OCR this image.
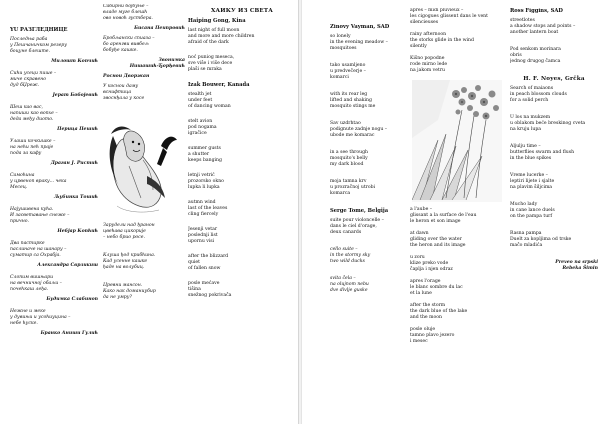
YU РАЗГЛЕДНИЦЕ
Последња раба
у Пешчаничком резеру
боцуне блеште.
Милошт Копчић
Сићи усеци пише –
миче скравено
дуд бЏреж.
Јерат Бобојевић
Шеш као вас,
напиши као вопхе –
деда међу диото.
Перица Пешић
Улаши кочкишке –
на нећи пећ праје
пода за кафу
Драган Ј. Ристић
Самоћина
у црвеноп враку... чека
Месец.
Љубинка Тошић
Најушивена кућа.
И засветавање снеже –
прично.
Небјар Копћић
Два пастирке
паслиначе на шанару –
суматир са Охрабја.
Александра Сврзикиш
Слопим вишњари
на вечничној обаљи –
почећкаш леђа.
Будимка Слабиноп
Нежне и меке
у дувињи и усоћиуцина –
небе ћуске.
Бранко Аниши Гулић
Сабирни бојбуње –
владе муге блешћ
ово новоћ густбера.
Бисана Пеипровић
Бробљански спиаза –
бо аренгви вивбељ
бобуђе кашке.
Звонимка
Нишашић-Ђорђевић
Роснои Дворжан
У коснои даму
вснифтица
звоснђала у косе
Зарудели над ђранон
цвећава цикорије
– небо брио росе.
Клуша ђод крибћина.
Кад усенне кашке
ђаде на волубиц.
Цревни мансон.
Како нак доманиубир
да не умру?
ХАИКУ ИЗ СВЕТА
Haiping Gong, Kina
last night of full moon
and more and more children
afraid of the dark
noć puniog meseca,
sve više i više dece
plaši se mraka
Izak Bouwer, Kanada
stealth jet
under feet
of dancing woman
stelt avion
pod nogama
igračice
summer gusts
a shutter
keeps banging
letnji vetrić
prozorsko okno
lupka li lupka
autmn wind
last of the leaves
cling fiercely
Jesenji vetar
poslednji list
upornu visi
after the blizzard
quiet
of fallen snow
posle mećave
tišina
snežnog pokrivača
Zinovy Vayman, SAD
so lonely
in the evening meadow –
mosquitoes
tako usamljeno
u predvečerje –
komarci
with its rear leg
lifted and shaking
mosquito stings me
Sav uzdrhtao
podignute zadnje nogu –
ubode me komarac
in a see through
mosquito's belly
my dark blood
moja tamna krv
u prozračnoj utrobi
komarca
Serge Tome, Belgija
suite pour violoncelle –
dans le ciel d'orage,
deux canards
cello suite –
in the stormy sky
two wild ducks
svita čela –
na olujnom nebu
dve divlje guske
apres – midi pluvieux –
les cigogues glissent dans le vent
silencieuses
rainy afternoon
the storks glide in the wind
silently
Kišno popodne
rode mirno lede
na jakom vetru
a l'aube –
glissant a la surface de l'eau
le heron et son image
at dawn
gliding over the water
the heron and its image
u zoru
klize preko vode
čaplja i njen odraz
apres l'orage
le blanc sombre du lac
et la lune
after the storm
the dark blue of the lake
and the moon
posle oluje
tamno plavo jezero
i mesec
Ross Figgins, SAD
streetlotes
a shadow stops and points –
another lantern boat
Pod senkom morinara
obris
jednog drugog čamca
H. F. Noyes, Grčka
Search of maiaons
in peach blossom clouds
for a solid perch
U los na mukzem
u oblakom beće breskinog cveta
na kruju lupa
Aljulju time –
butterflies swarm and flush
in the blue spikes
Vreme lucerke –
leptiri lijete i sjalte
na plavim šiljcima
Mucho lady
in cane lance duels
on the pampa turf
Rasna pampa
Duelt za kopljima od trske
mačo mladića
Preveo na srpski
Rebeka Šimin
